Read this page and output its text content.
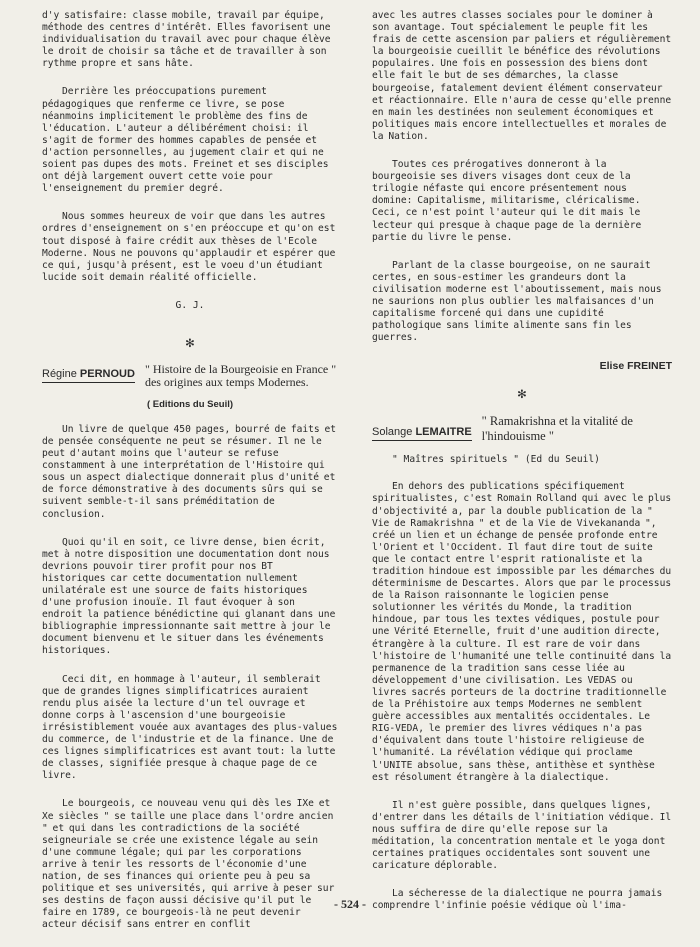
d'y satisfaire: classe mobile, travail par équipe, méthode des centres d'intérêt. Elles favorisent une individualisation du travail avec pour chaque élève le droit de choisir sa tâche et de travailler à son rythme propre et sans hâte.

Derrière les préoccupations purement pédagogiques que renferme ce livre, se pose néanmoins implicitement le problème des fins de l'éducation. L'auteur a délibérément choisi: il s'agit de former des hommes capables de pensée et d'action personnelles, au jugement clair et qui ne soient pas dupes des mots. Freinet et ses disciples ont déjà largement ouvert cette voie pour l'enseignement du premier degré.

Nous sommes heureux de voir que dans les autres ordres d'enseignement on s'en préoccupe et qu'on est tout disposé à faire crédit aux thèses de l'Ecole Moderne. Nous ne pouvons qu'applaudir et espérer que ce qui, jusqu'à présent, est le voeu d'un étudiant lucide soit demain réalité officielle.

G. J.
✻
Régine PERNOUD " Histoire de la Bourgeoisie en France " des origines aux temps Modernes.
( Editions du Seuil)

Un livre de quelque 450 pages, bourré de faits et de pensée conséquente ne peut se résumer. Il ne le peut d'autant moins que l'auteur se refuse constamment à une interprétation de l'Histoire qui sous un aspect dialectique donnerait plus d'unité et de force démonstrative à des documents sûrs qui se suivent semble-t-il sans préméditation de conclusion.

Quoi qu'il en soit, ce livre dense, bien écrit, met à notre disposition une documentation dont nous devrions pouvoir tirer profit pour nos BT historiques car cette documentation nullement unilatérale est une source de faits historiques d'une profusion inouïe. Il faut évoquer à son endroit la patience bénédictine qui glanant dans une bibliographie impressionnante sait mettre à jour le document bienvenu et le situer dans les événements historiques.

Ceci dit, en hommage à l'auteur, il semblerait que de grandes lignes simplificatrices auraient rendu plus aisée la lecture d'un tel ouvrage et donne corps à l'ascension d'une bourgeoisie irrésistiblement vouée aux avantages des plus-values du commerce, de l'industrie et de la finance. Une de ces lignes simplificatrices est avant tout: la lutte de classes, signifiée presque à chaque page de ce livre.

Le bourgeois, ce nouveau venu qui dès les IXe et Xe siècles " se taille une place dans l'ordre ancien " et qui dans les contradictions de la société seigneuriale se crée une existence légale au sein d'une commune légale; qui par les corporations arrive à tenir les ressorts de l'économie d'une nation, de ses finances qui oriente peu à peu sa politique et ses universités, qui arrive à peser sur ses destins de façon aussi décisive qu'il put le faire en 1789, ce bourgeois-là ne peut devenir acteur décisif sans entrer en conflit

avec les autres classes sociales pour le dominer à son avantage. Tout spécialement le peuple fit les frais de cette ascension par paliers et régulièrement la bourgeoisie cueillit le bénéfice des révolutions populaires. Une fois en possession des biens dont elle fait le but de ses démarches, la classe bourgeoise, fatalement devient élément conservateur et réactionnaire. Elle n'aura de cesse qu'elle prenne en main les destinées non seulement économiques et politiques mais encore intellectuelles et morales de la Nation.

Toutes ces prérogatives donneront à la bourgeoisie ses divers visages dont ceux de la trilogie néfaste qui encore présentement nous domine: Capitalisme, militarisme, cléricalisme. Ceci, ce n'est point l'auteur qui le dit mais le lecteur qui presque à chaque page de la dernière partie du livre le pense.

Parlant de la classe bourgeoise, on ne saurait certes, en sous-estimer les grandeurs dont la civilisation moderne est l'aboutissement, mais nous ne saurions non plus oublier les malfaisances d'un capitalisme forcené qui dans une cupidité pathologique sans limite alimente sans fin les guerres.

Elise FREINET
✻
Solange LEMAITRE
" Ramakrishna et la vitalité de l'hindouisme "
" Maîtres spirituels " (Ed du Seuil)

En dehors des publications spécifiquement spiritualistes, c'est Romain Rolland qui avec le plus d'objectivité a, par la double publication de la " Vie de Ramakrishna " et de la Vie de Vivekananda ", créé un lien et un échange de pensée profonde entre l'Orient et l'Occident. Il faut dire tout de suite que le contact entre l'esprit rationaliste et la tradition hindoue est impossible par les démarches du déterminisme de Descartes. Alors que par le processus de la Raison raisonnante le logicien pense solutionner les vérités du Monde, la tradition hindoue, par tous les textes védiques, postule pour une Vérité Eternelle, fruit d'une audition directe, étrangère à la culture. Il est rare de voir dans l'histoire de l'humanité une telle continuité dans la permanence de la tradition sans cesse liée au développement d'une civilisation. Les VEDAS ou livres sacrés porteurs de la doctrine traditionnelle de la Préhistoire aux temps Modernes ne semblent guère accessibles aux mentalités occidentales. Le RIG-VEDA, le premier des livres védiques n'a pas d'équivalent dans toute l'histoire religieuse de l'humanité. La révélation védique qui proclame l'UNITE absolue, sans thèse, antithèse et synthèse est résolument étrangère à la dialectique.

Il n'est guère possible, dans quelques lignes, d'entrer dans les détails de l'initiation védique. Il nous suffira de dire qu'elle repose sur la méditation, la concentration mentale et le yoga dont certaines pratiques occidentales sont souvent une caricature déplorable.

La sécheresse de la dialectique ne pourra jamais comprendre l'infinie poésie védique où l'ima-

- 524 -
